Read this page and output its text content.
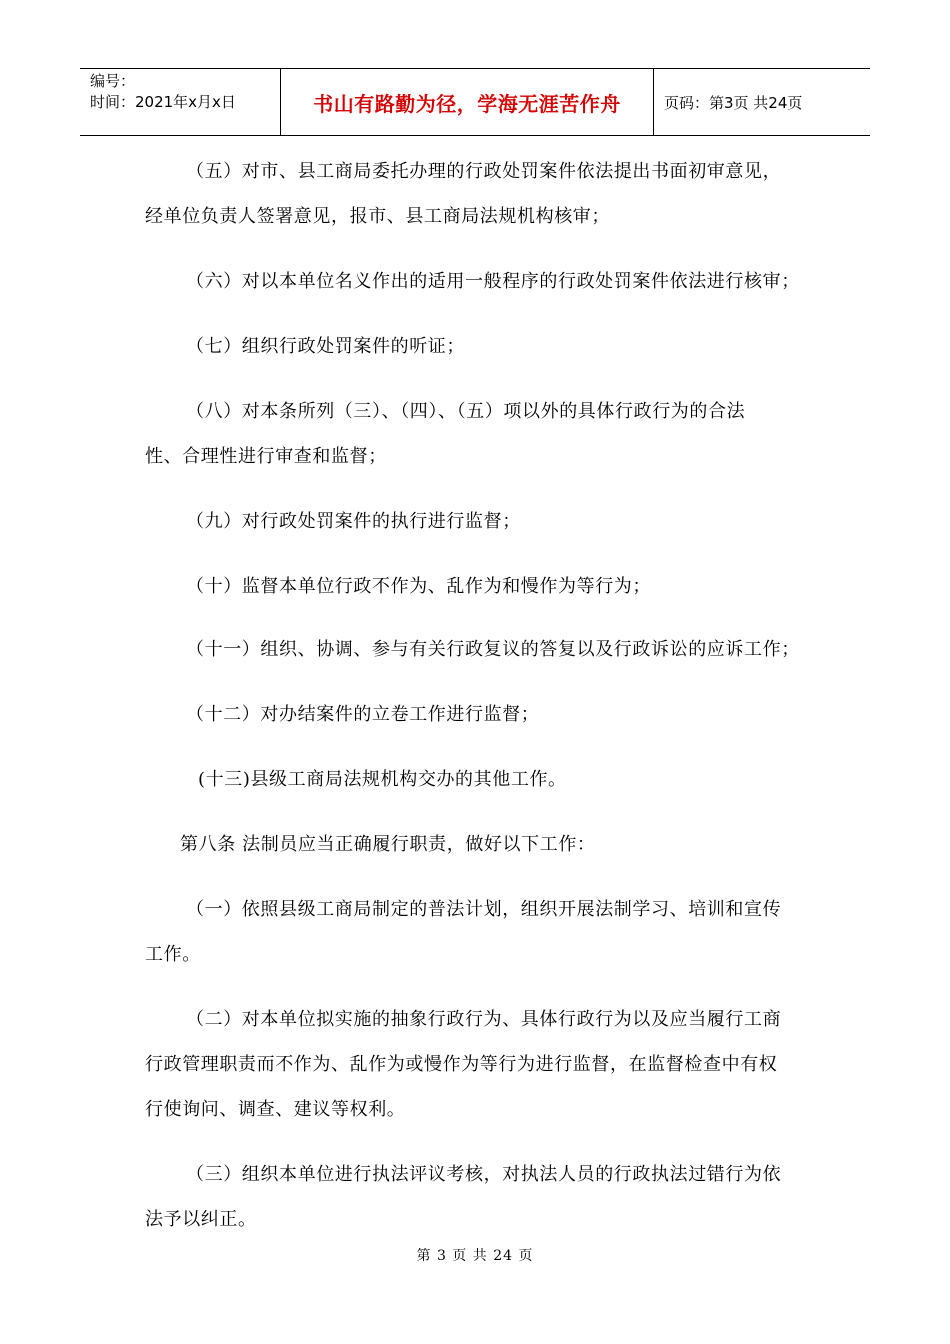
编号：
时间：2021年x月x日	书山有路勤为径，学海无涯苦作舟	页码：第3页 共24页
（五）对市、县工商局委托办理的行政处罚案件依法提出书面初审意见，
经单位负责人签署意见，报市、县工商局法规机构核审；
（六）对以本单位名义作出的适用一般程序的行政处罚案件依法进行核审；
（七）组织行政处罚案件的听证；
（八）对本条所列（三）、（四）、（五）项以外的具体行政行为的合法
性、合理性进行审查和监督；
（九）对行政处罚案件的执行进行监督；
（十）监督本单位行政不作为、乱作为和慢作为等行为；
（十一）组织、协调、参与有关行政复议的答复以及行政诉讼的应诉工作；
（十二）对办结案件的立卷工作进行监督；
(十三)县级工商局法规机构交办的其他工作。
第八条 法制员应当正确履行职责，做好以下工作：
（一）依照县级工商局制定的普法计划，组织开展法制学习、培训和宣传
工作。
（二）对本单位拟实施的抽象行政行为、具体行政行为以及应当履行工商
行政管理职责而不作为、乱作为或慢作为等行为进行监督，在监督检查中有权
行使询问、调查、建议等权利。
（三）组织本单位进行执法评议考核，对执法人员的行政执法过错行为依
法予以纠正。
第 3 页 共 24 页
